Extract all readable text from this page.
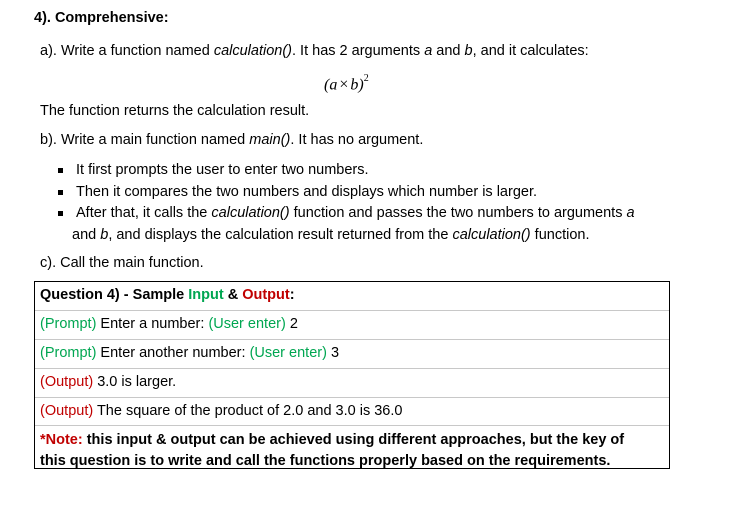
4). Comprehensive:
a). Write a function named calculation(). It has 2 arguments a and b, and it calculates:
$(a \times b)^2$
The function returns the calculation result.
b). Write a main function named main(). It has no argument.
It first prompts the user to enter two numbers.
Then it compares the two numbers and displays which number is larger.
After that, it calls the calculation() function and passes the two numbers to arguments a
and b, and displays the calculation result returned from the calculation() function.
c). Call the main function.
Question 4) - Sample Input & Output:
(Prompt) Enter a number: (User enter) 2
(Prompt) Enter another number: (User enter) 3
(Output) 3.0 is larger.
(Output) The square of the product of 2.0 and 3.0 is 36.0
*Note: this input & output can be achieved using different approaches, but the key of this question is to write and call the functions properly based on the requirements.
